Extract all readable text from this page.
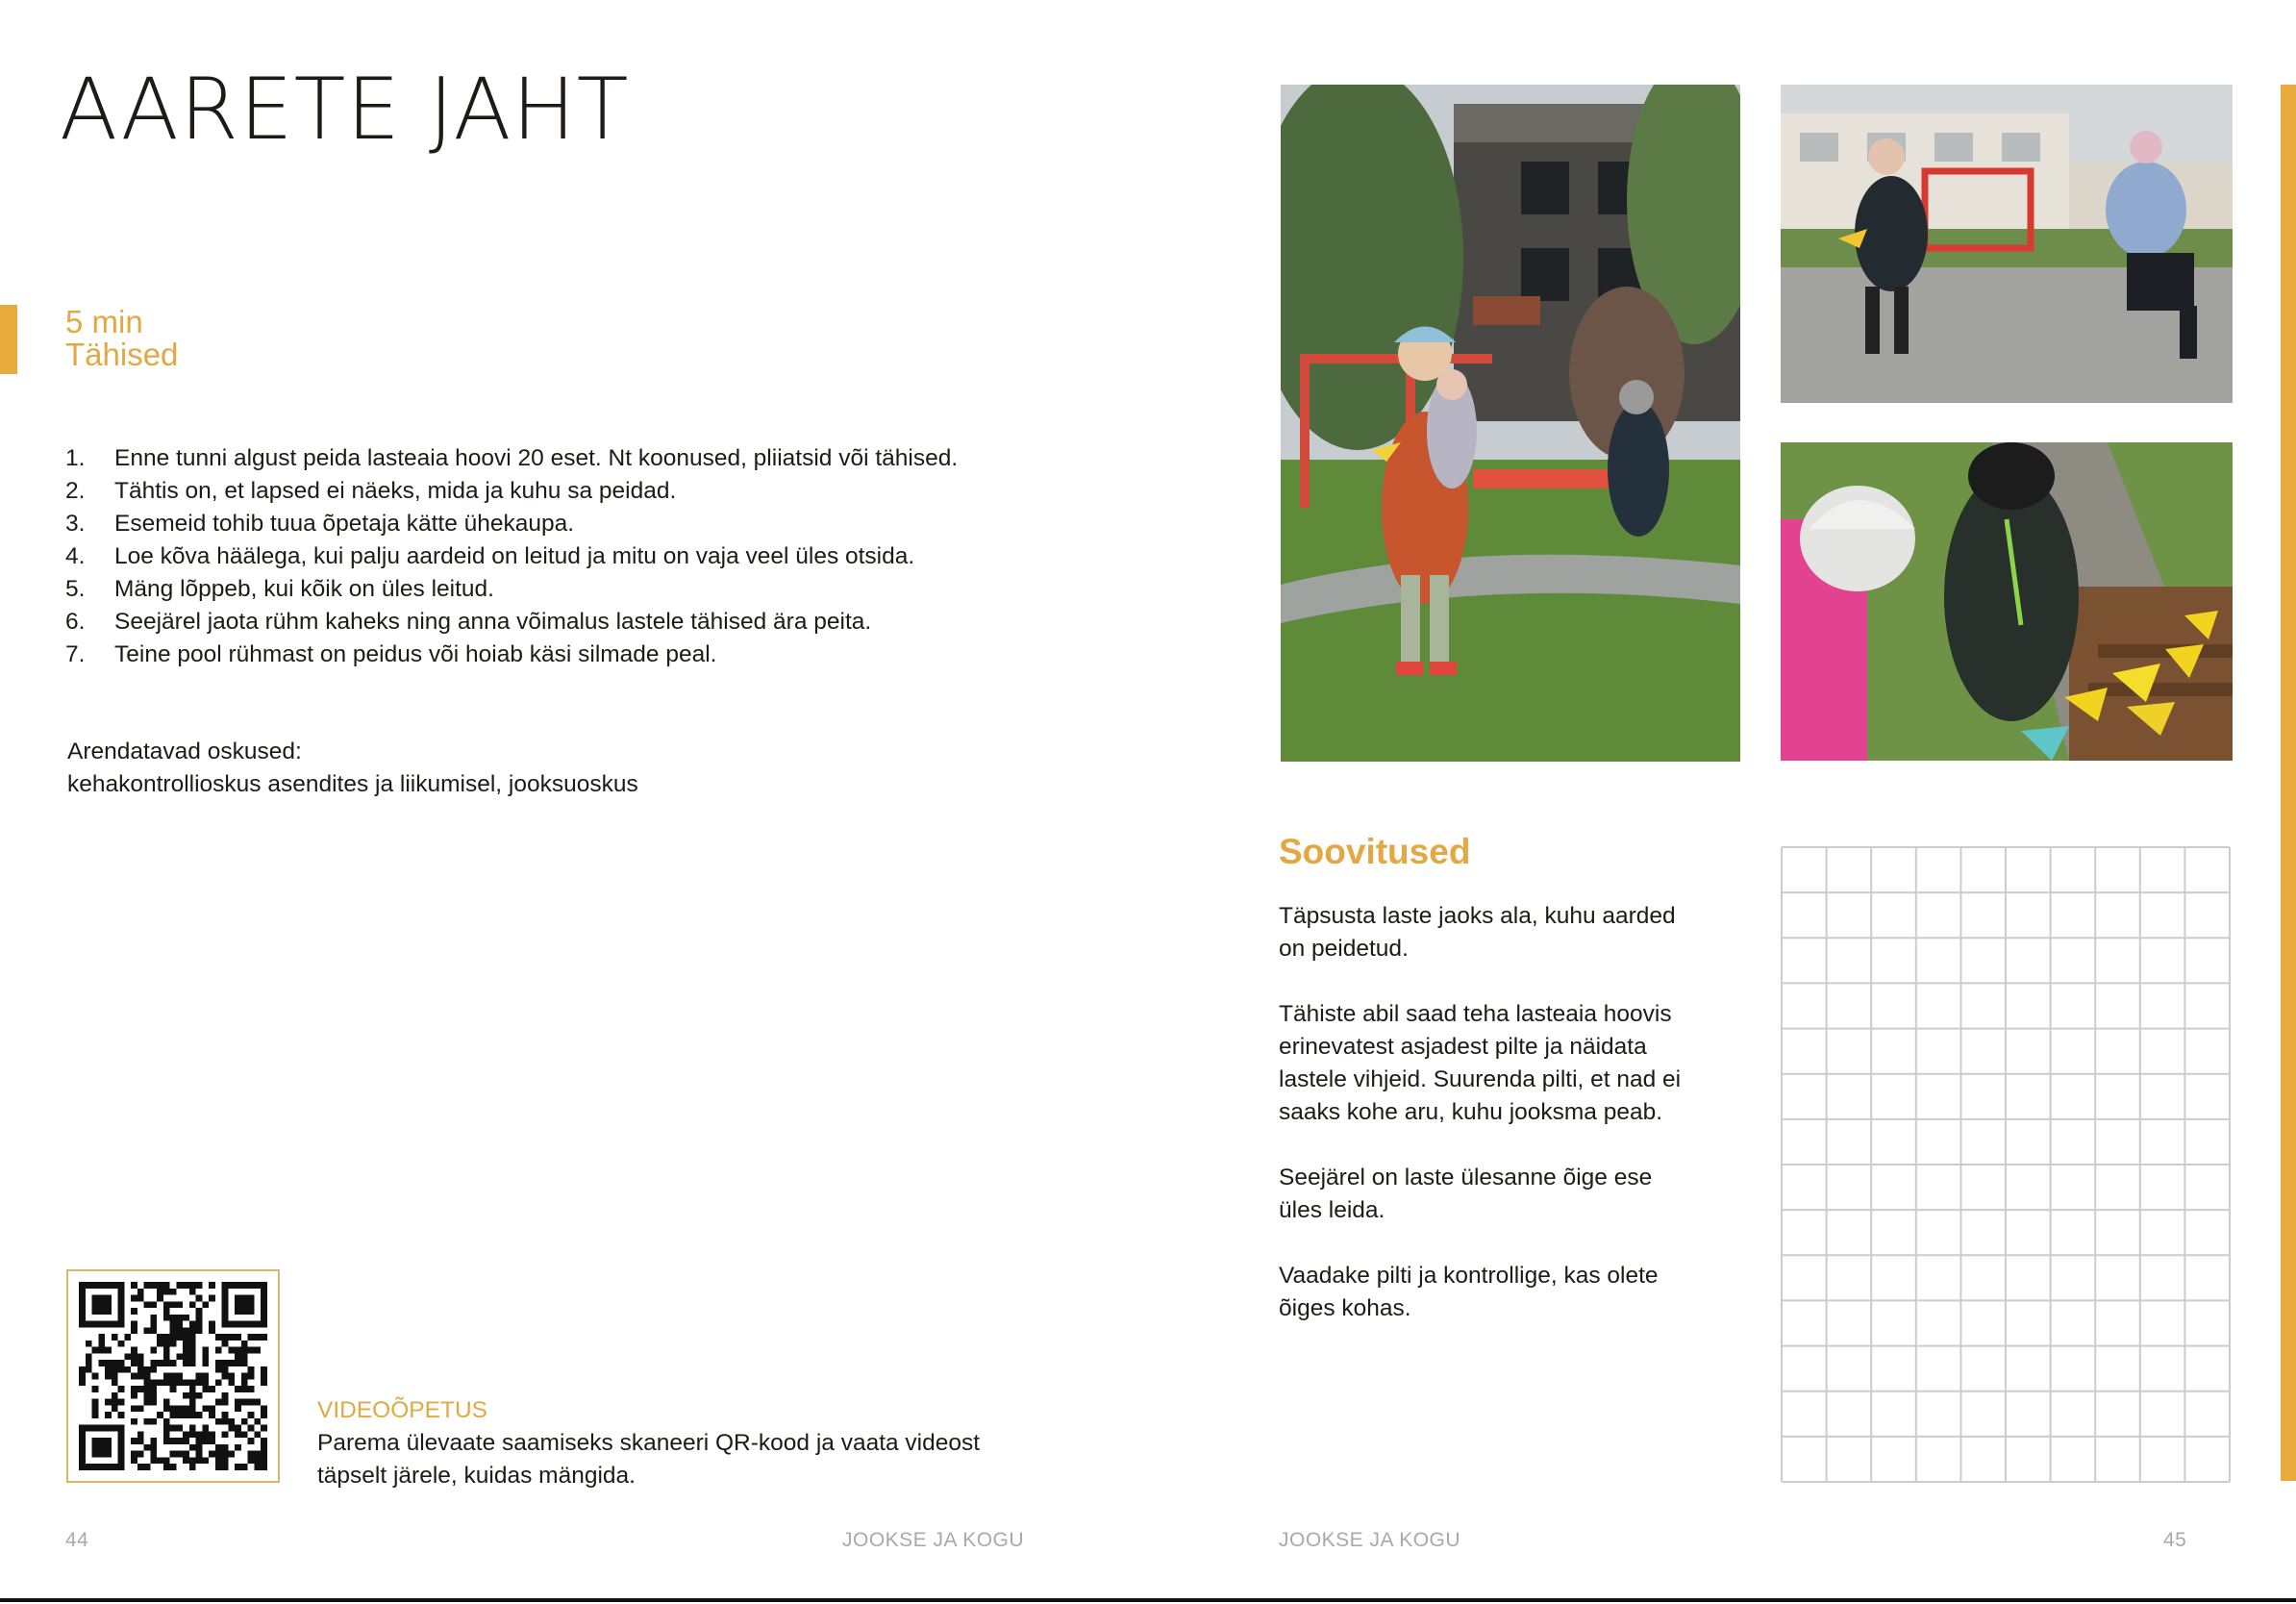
AARETE JAHT
5 min
Tähised
1.	Enne tunni algust peida lasteaia hoovi 20 eset. Nt koonused, pliiatsid või tähised.
2.	Tähtis on, et lapsed ei näeks, mida ja kuhu sa peidad.
3.	Esemeid tohib tuua õpetaja kätte ühekaupa.
4.	Loe kõva häälega, kui palju aardeid on leitud ja mitu on vaja veel üles otsida.
5.	Mäng lõppeb, kui kõik on üles leitud.
6.	Seejärel jaota rühm kaheks ning anna võimalus lastele tähised ära peita.
7.	Teine pool rühmast on peidus või hoiab käsi silmade peal.
Arendatavad oskused:
kehakontrollioskus asendites ja liikumisel, jooksuoskus
VIDEOÕPETUS
Parema ülevaate saamiseks skaneeri QR-kood ja vaata videost
täpselt järele, kuidas mängida.
Soovitused

Täpsusta laste jaoks ala, kuhu aarded
on peidetud.

Tähiste abil saad teha lasteaia hoovis
erinevatest asjadest pilte ja näidata
lastele vihjeid. Suurenda pilti, et nad ei
saaks kohe aru, kuhu jooksma peab.

Seejärel on laste ülesanne õige ese
üles leida.

Vaadake pilti ja kontrollige, kas olete
õiges kohas.

44	JOOKSE JA KOGU	JOOKSE JA KOGU	45
